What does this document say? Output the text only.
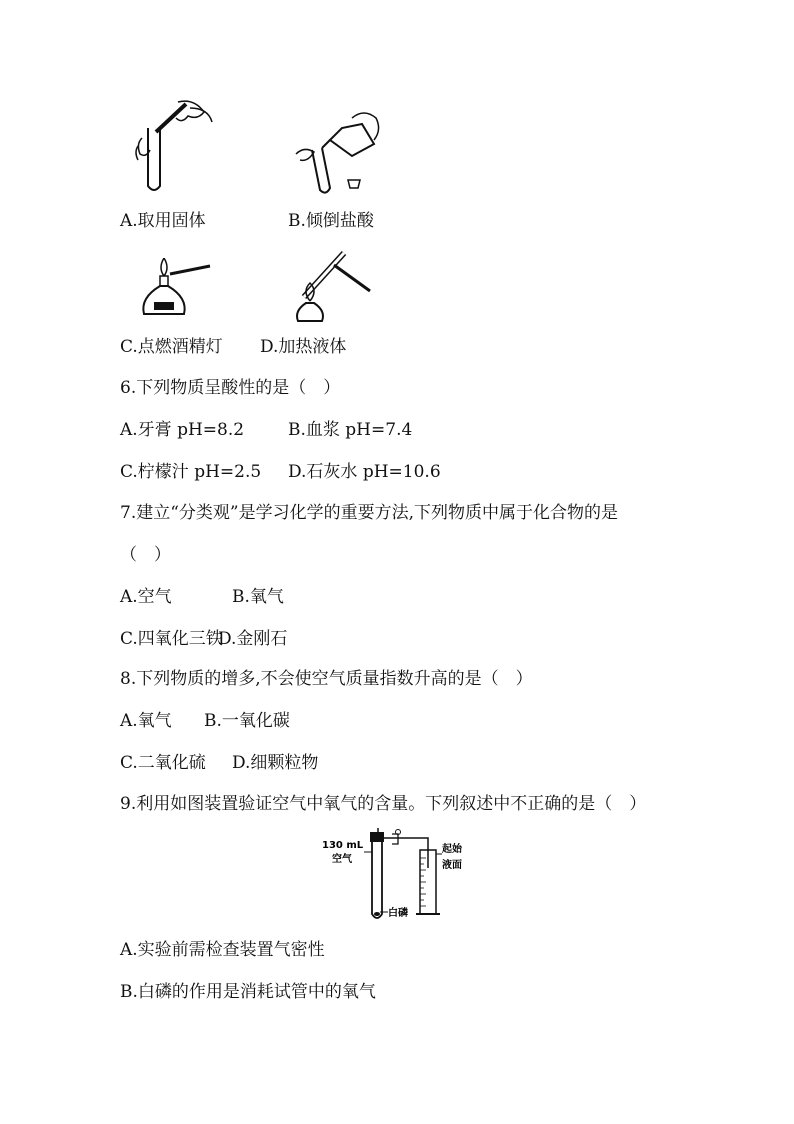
A.取用固体	B.倾倒盐酸
C.点燃酒精灯 D.加热液体
6.下列物质呈酸性的是（　）
A.牙膏 pH=8.2	B.血浆 pH=7.4
C.柠檬汁 pH=2.5 D.石灰水 pH=10.6
7.建立“分类观”是学习化学的重要方法,下列物质中属于化合物的是
（　）
A.空气	B.氧气
C.四氧化三铁
D.金刚石
8.下列物质的增多,不会使空气质量指数升高的是（　）
A.氧气 B.一氧化碳
C.二氧化硫 D.细颗粒物
9.利用如图装置验证空气中氧气的含量。下列叙述中不正确的是（　）
130 mL
空气
起始
液面
白磷
A.实验前需检查装置气密性
B.白磷的作用是消耗试管中的氧气
